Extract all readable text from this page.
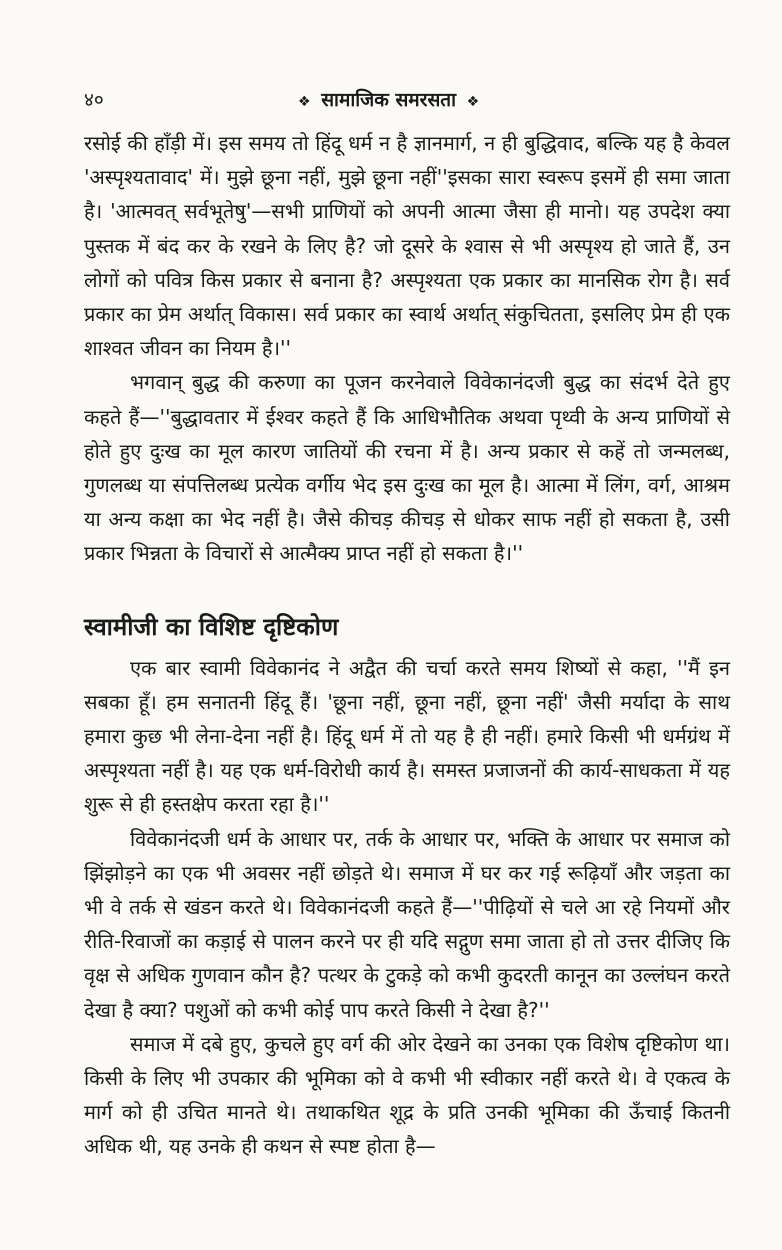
४०	❖ सामाजिक समरसता ❖

रसोई की हाँड़ी में। इस समय तो हिंदू धर्म न है ज्ञानमार्ग, न ही बुद्धिवाद, बल्कि यह है केवल 'अस्पृश्यतावाद' में। मुझे छूना नहीं, मुझे छूना नहीं''इसका सारा स्वरूप इसमें ही समा जाता है। 'आत्मवत् सर्वभूतेषु'—सभी प्राणियों को अपनी आत्मा जैसा ही मानो। यह उपदेश क्या पुस्तक में बंद कर के रखने के लिए है? जो दूसरे के श्वास से भी अस्पृश्य हो जाते हैं, उन लोगों को पवित्र किस प्रकार से बनाना है? अस्पृश्यता एक प्रकार का मानसिक रोग है। सर्व प्रकार का प्रेम अर्थात् विकास। सर्व प्रकार का स्वार्थ अर्थात् संकुचितता, इसलिए प्रेम ही एक शाश्वत जीवन का नियम है।''

भगवान् बुद्ध की करुणा का पूजन करनेवाले विवेकानंदजी बुद्ध का संदर्भ देते हुए कहते हैं—''बुद्धावतार में ईश्वर कहते हैं कि आधिभौतिक अथवा पृथ्वी के अन्य प्राणियों से होते हुए दुःख का मूल कारण जातियों की रचना में है। अन्य प्रकार से कहें तो जन्मलब्ध, गुणलब्ध या संपत्तिलब्ध प्रत्येक वर्गीय भेद इस दुःख का मूल है। आत्मा में लिंग, वर्ग, आश्रम या अन्य कक्षा का भेद नहीं है। जैसे कीचड़ कीचड़ से धोकर साफ नहीं हो सकता है, उसी प्रकार भिन्नता के विचारों से आत्मैक्य प्राप्त नहीं हो सकता है।''

स्वामीजी का विशिष्ट दृष्टिकोण

एक बार स्वामी विवेकानंद ने अद्वैत की चर्चा करते समय शिष्यों से कहा, ''मैं इन सबका हूँ। हम सनातनी हिंदू हैं। 'छूना नहीं, छूना नहीं, छूना नहीं' जैसी मर्यादा के साथ हमारा कुछ भी लेना-देना नहीं है। हिंदू धर्म में तो यह है ही नहीं। हमारे किसी भी धर्मग्रंथ में अस्पृश्यता नहीं है। यह एक धर्म-विरोधी कार्य है। समस्त प्रजाजनों की कार्य-साधकता में यह शुरू से ही हस्तक्षेप करता रहा है।''

विवेकानंदजी धर्म के आधार पर, तर्क के आधार पर, भक्ति के आधार पर समाज को झिंझोड़ने का एक भी अवसर नहीं छोड़ते थे। समाज में घर कर गई रूढ़ियाँ और जड़ता का भी वे तर्क से खंडन करते थे। विवेकानंदजी कहते हैं—''पीढ़ियों से चले आ रहे नियमों और रीति-रिवाजों का कड़ाई से पालन करने पर ही यदि सद्गुण समा जाता हो तो उत्तर दीजिए कि वृक्ष से अधिक गुणवान कौन है? पत्थर के टुकड़े को कभी कुदरती कानून का उल्लंघन करते देखा है क्या? पशुओं को कभी कोई पाप करते किसी ने देखा है?''

समाज में दबे हुए, कुचले हुए वर्ग की ओर देखने का उनका एक विशेष दृष्टिकोण था। किसी के लिए भी उपकार की भूमिका को वे कभी भी स्वीकार नहीं करते थे। वे एकत्व के मार्ग को ही उचित मानते थे। तथाकथित शूद्र के प्रति उनकी भूमिका की ऊँचाई कितनी अधिक थी, यह उनके ही कथन से स्पष्ट होता है—
